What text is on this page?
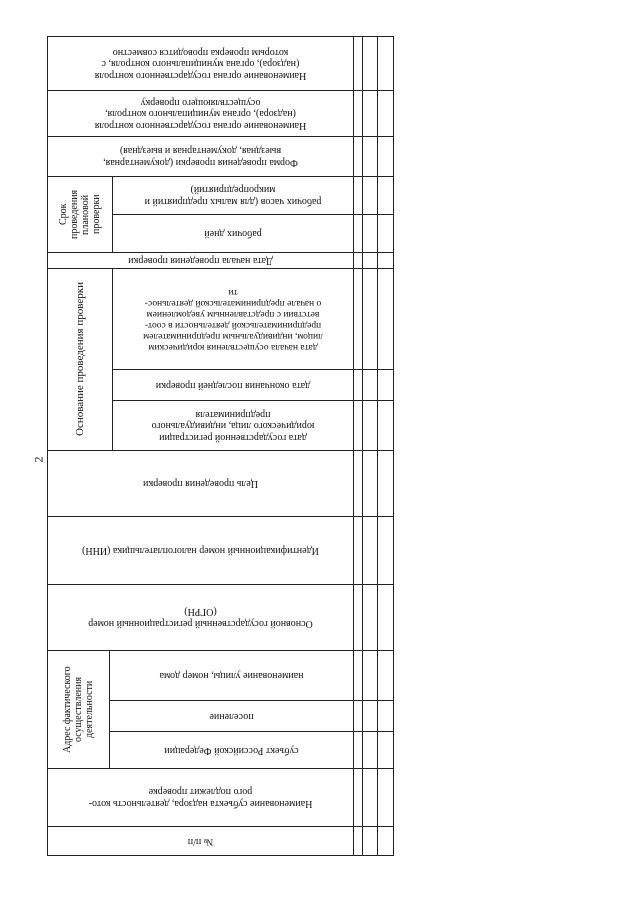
2
№ п/п
Наименование субъекта надзора, деятельность кото-
рого подлежит проверке
Адрес фактического
осуществления
деятельности
субъект Российской Федерации
поселение
наименование улицы, номер дома
Основной государственный регистрационный номер
(ОГРН)
Идентификационный номер налогоплательщика (ИНН)
Цель проведения проверки
Основание проведения проверки
дата государственной регистрации
юридического лица, индивидуального
предпринимателя
дата окончания последней проверки
дата начала осуществления юридическим
лицом, индивидуальным предпринимателем
предпринимательской деятельности в соот-
ветствии с представленным уведомлением
о начале предпринимательской деятельнос-
ти
Дата начала проведения проверки
Срок
проведения
плановой
проверки	рабочих дней
рабочих часов (для малых предприятий и
микропредприятий)
Форма проведения проверки (документарная,
выездная, документарная и выездная)
Наименование органа государственного контроля
(надзора), органа муниципального контроля,
осуществляющего проверку
Наименование органа государственного контроля
(надзора), органа муниципального контроля, с
которым проверка проводится совместно
